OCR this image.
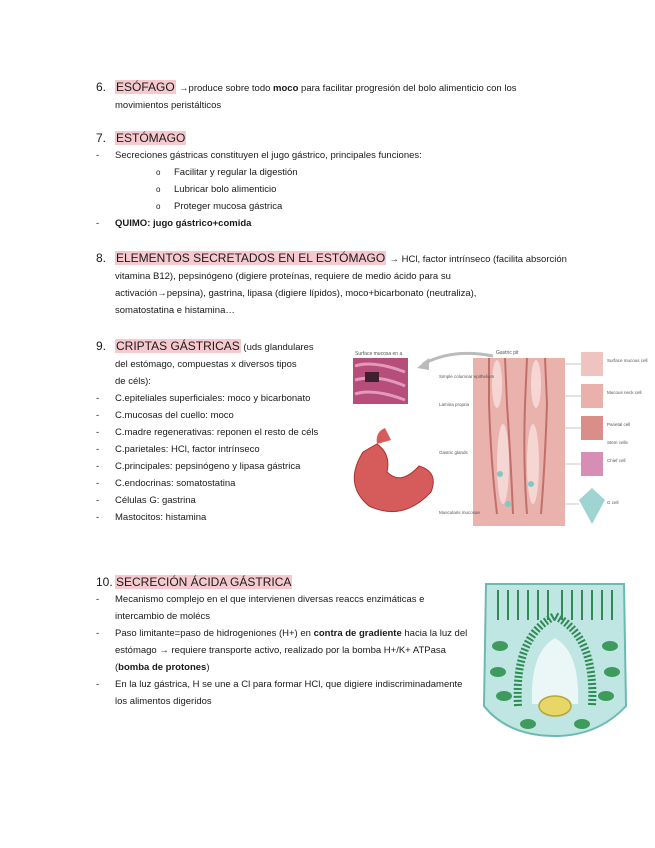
6. ESÓFAGO →produce sobre todo moco para facilitar progresión del bolo alimenticio con los
movimientos peristálticos
7. ESTÓMAGO
- Secreciones gástricas constituyen el jugo gástrico, principales funciones:
o Facilitar y regular la digestión
o Lubricar bolo alimenticio
o Proteger mucosa gástrica
- QUIMO: jugo gástrico+comida
8. ELEMENTOS SECRETADOS EN EL ESTÓMAGO → HCl, factor intrínseco (facilita absorción
vitamina B12), pepsinógeno (digiere proteínas, requiere de medio ácido para su
activación→pepsina), gastrina, lipasa (digiere lípidos), moco+bicarbonato (neutraliza),
somatostatina e histamina…
9. CRIPTAS GÁSTRICAS (uds glandulares
del estómago, compuestas x diversos tipos
de céls):
- C.epiteliales superficiales: moco y bicarbonato
- C.mucosas del cuello: moco
- C.madre regenerativas: reponen el resto de céls
- C.parietales: HCl, factor intrínseco
- C.principales: pepsinógeno y lipasa gástrica
- C.endocrinas: somatostatina
- Células G: gastrina
- Mastocitos: histamina
Surface mucosa en a	Gastric pit
Simple columnar epithelium
Lamina propria
Gastric glands
Muscularis mucosae
Surface mucous cell
Mucous neck cell
Parietal cell
Chief cell
G cell
Stem cells
10. SECRECIÓN ÁCIDA GÁSTRICA
- Mecanismo complejo en el que intervienen diversas reaccs enzimáticas e intercambio de molécs
- Paso limitante=paso de hidrogeniones (H+) en contra de gradiente hacia la luz del estómago → requiere transporte activo, realizado por la bomba H+/K+ ATPasa (bomba de protones)
- En la luz gástrica, H se une a Cl para formar HCl, que digiere indiscriminadamente los alimentos digeridos
